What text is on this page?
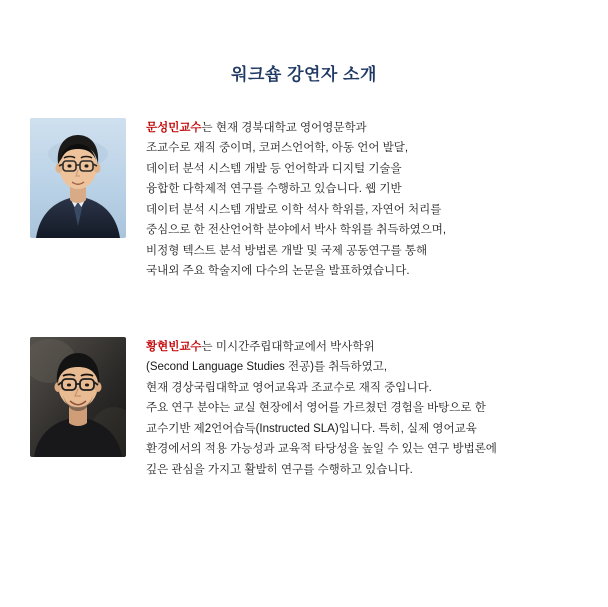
워크숍 강연자 소개
문성민교수는 현재 경북대학교 영어영문학과
조교수로 재직 중이며, 코퍼스언어학, 아동 언어 발달,
데이터 분석 시스템 개발 등 언어학과 디지털 기술을
융합한 다학제적 연구를 수행하고 있습니다. 웹 기반
데이터 분석 시스템 개발로 이학 석사 학위를, 자연어 처리를
중심으로 한 전산언어학 분야에서 박사 학위를 취득하였으며,
비정형 텍스트 분석 방법론 개발 및 국제 공동연구를 통해
국내외 주요 학술지에 다수의 논문을 발표하였습니다.
황현빈교수는 미시간주립대학교에서 박사학위
(Second Language Studies 전공)를 취득하였고,
현재 경상국립대학교 영어교육과 조교수로 재직 중입니다.
주요 연구 분야는 교실 현장에서 영어를 가르쳤던 경험을 바탕으로 한
교수기반 제2언어습득(Instructed SLA)입니다. 특히, 실제 영어교육
환경에서의 적용 가능성과 교육적 타당성을 높일 수 있는 연구 방법론에
깊은 관심을 가지고 활발히 연구를 수행하고 있습니다.
